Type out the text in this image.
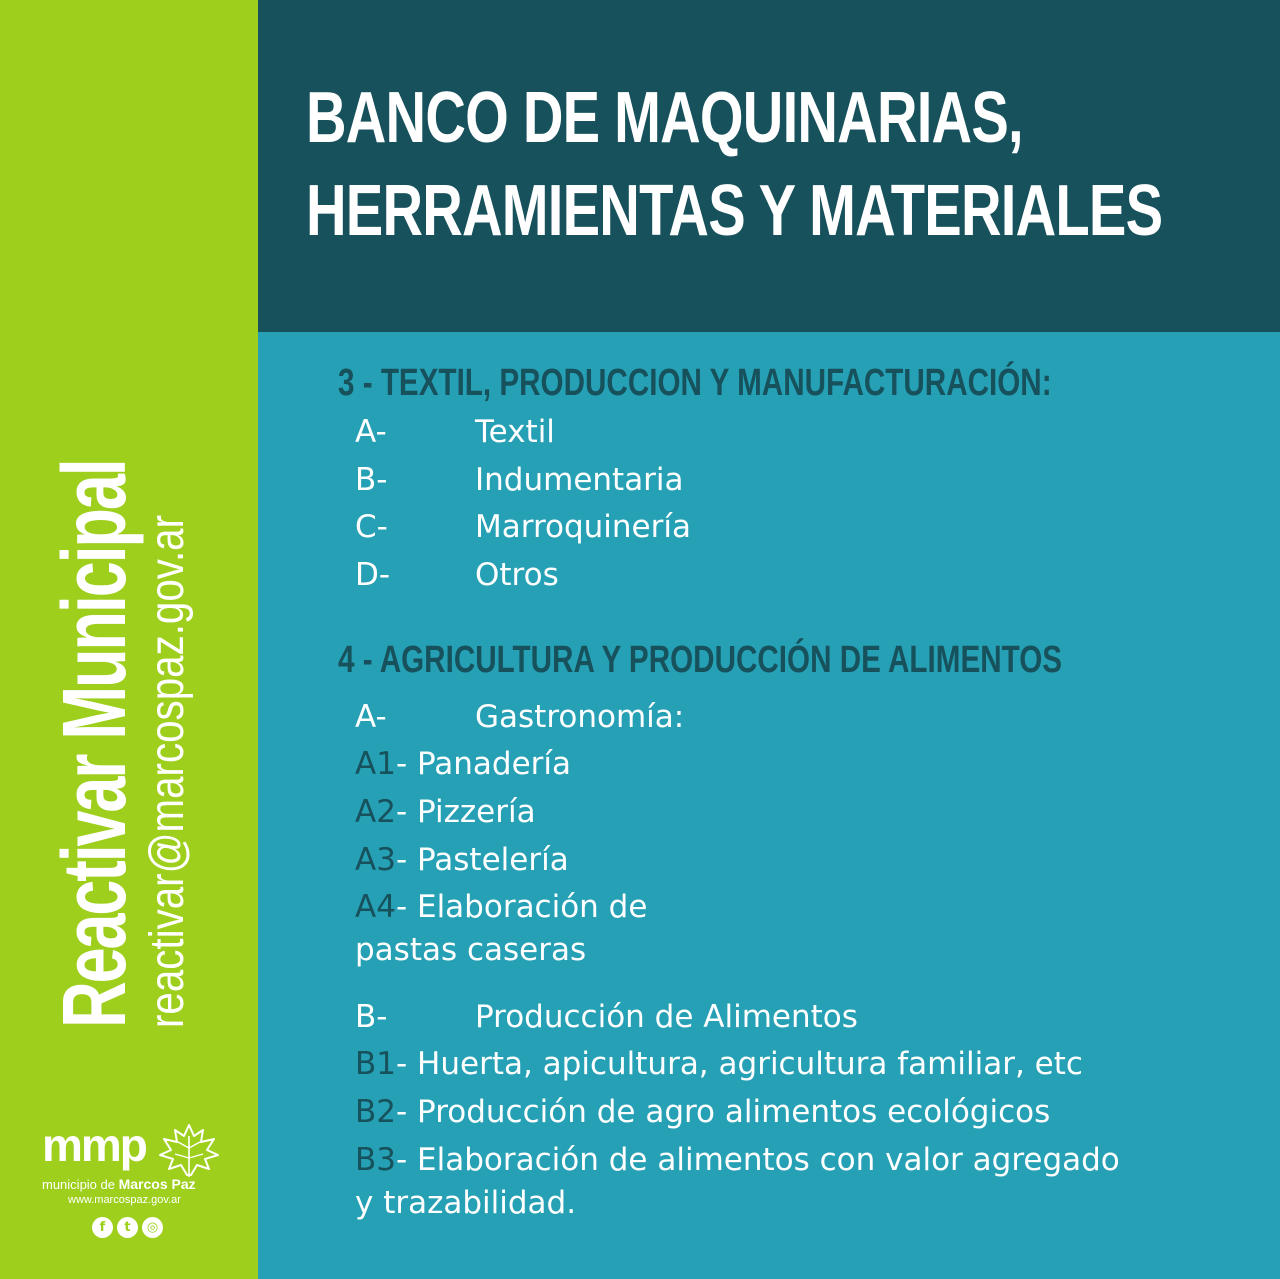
BANCO DE MAQUINARIAS,
HERRAMIENTAS Y MATERIALES
Reactivar Municipal
reactivar@marcospaz.gov.ar
3 - TEXTIL, PRODUCCION Y MANUFACTURACIÓN:
A-	Textil
B-	Indumentaria
C-	Marroquinería
D-	Otros
4 - AGRICULTURA Y PRODUCCIÓN DE ALIMENTOS
A-	Gastronomía:
A1- Panadería
A2- Pizzería
A3- Pastelería
A4- Elaboración de
pastas caseras
B-	Producción de Alimentos
B1- Huerta, apicultura, agricultura familiar, etc
B2- Producción de agro alimentos ecológicos
B3- Elaboración de alimentos con valor agregado
y trazabilidad.
mmp
municipio de Marcos Paz
www.marcospaz.gov.ar
f	t	◎
